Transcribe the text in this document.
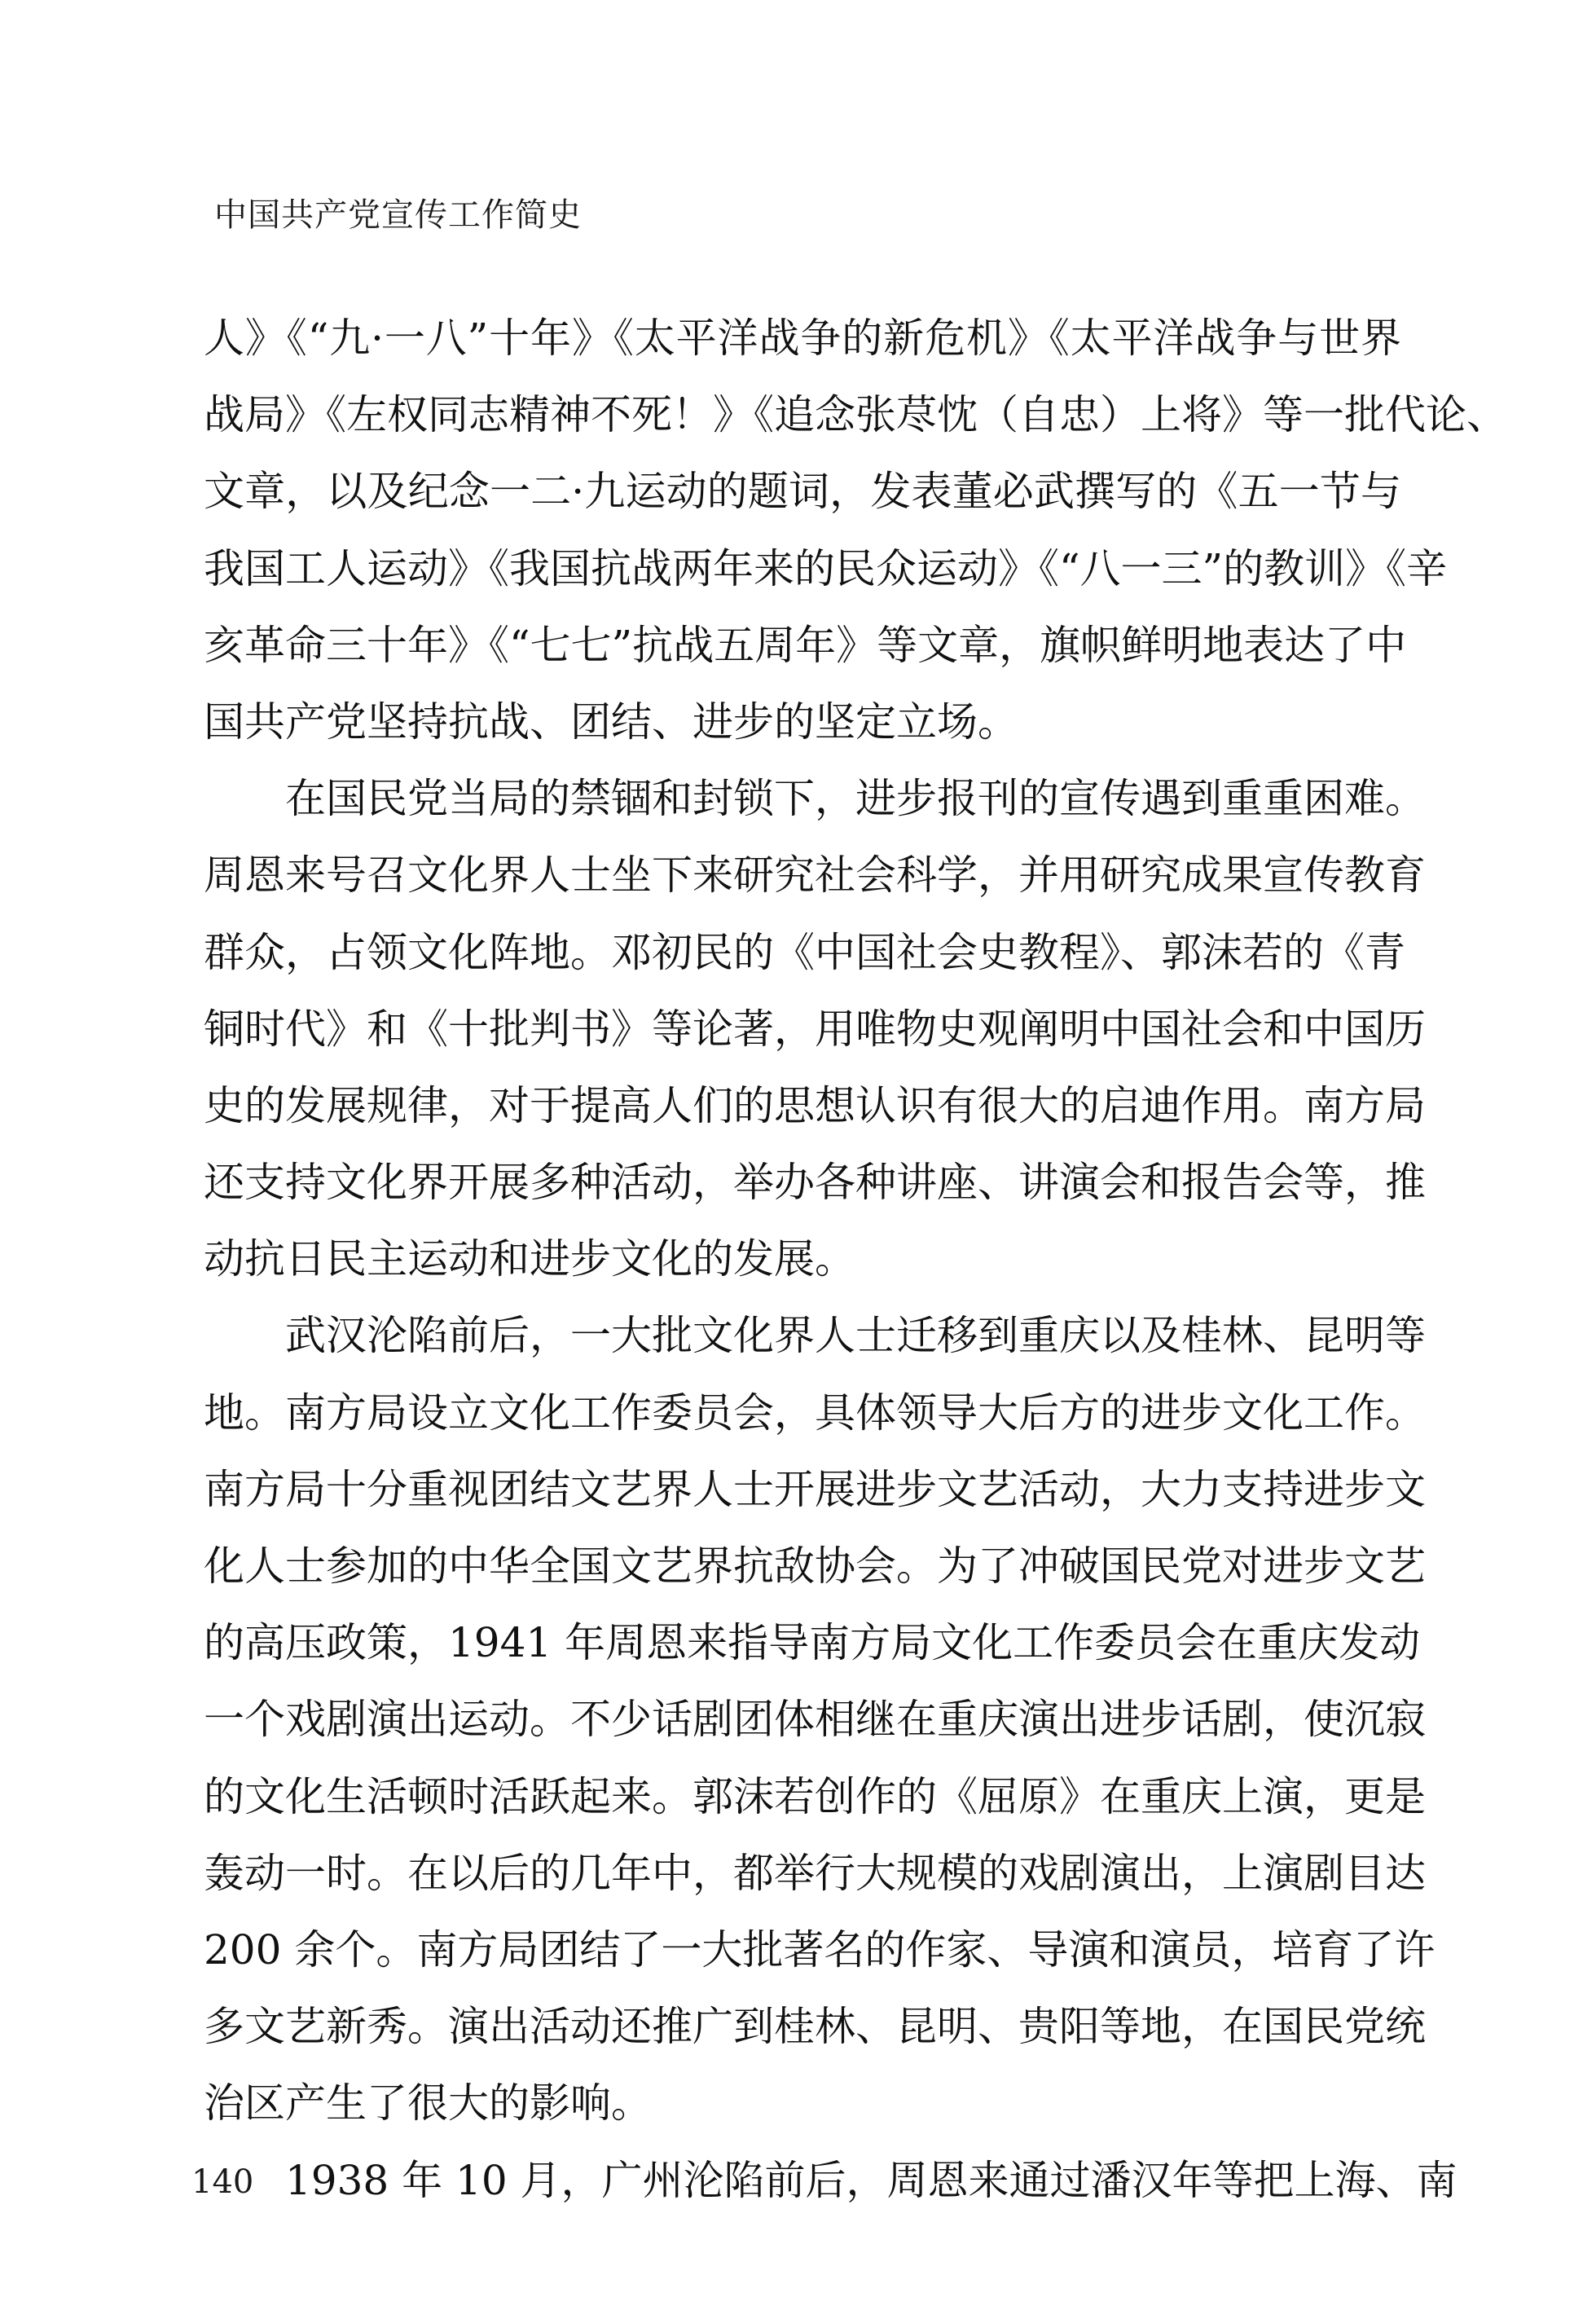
中国共产党宣传工作简史
人》《“九·一八”十年》《太平洋战争的新危机》《太平洋战争与世界
战局》《左权同志精神不死！》《追念张荩忱（自忠）上将》等一批代论、
文章，以及纪念一二·九运动的题词，发表董必武撰写的《五一节与
我国工人运动》《我国抗战两年来的民众运动》《“八一三”的教训》《辛
亥革命三十年》《“七七”抗战五周年》等文章，旗帜鲜明地表达了中
国共产党坚持抗战、团结、进步的坚定立场。
在国民党当局的禁锢和封锁下，进步报刊的宣传遇到重重困难。
周恩来号召文化界人士坐下来研究社会科学，并用研究成果宣传教育
群众，占领文化阵地。邓初民的《中国社会史教程》、郭沫若的《青
铜时代》和《十批判书》等论著，用唯物史观阐明中国社会和中国历
史的发展规律，对于提高人们的思想认识有很大的启迪作用。南方局
还支持文化界开展多种活动，举办各种讲座、讲演会和报告会等，推
动抗日民主运动和进步文化的发展。
武汉沦陷前后，一大批文化界人士迁移到重庆以及桂林、昆明等
地。南方局设立文化工作委员会，具体领导大后方的进步文化工作。
南方局十分重视团结文艺界人士开展进步文艺活动，大力支持进步文
化人士参加的中华全国文艺界抗敌协会。为了冲破国民党对进步文艺
的高压政策，1941 年周恩来指导南方局文化工作委员会在重庆发动
一个戏剧演出运动。不少话剧团体相继在重庆演出进步话剧，使沉寂
的文化生活顿时活跃起来。郭沫若创作的《屈原》在重庆上演，更是
轰动一时。在以后的几年中，都举行大规模的戏剧演出，上演剧目达
200 余个。南方局团结了一大批著名的作家、导演和演员，培育了许
多文艺新秀。演出活动还推广到桂林、昆明、贵阳等地，在国民党统
治区产生了很大的影响。
1938 年 10 月，广州沦陷前后，周恩来通过潘汉年等把上海、南
140
